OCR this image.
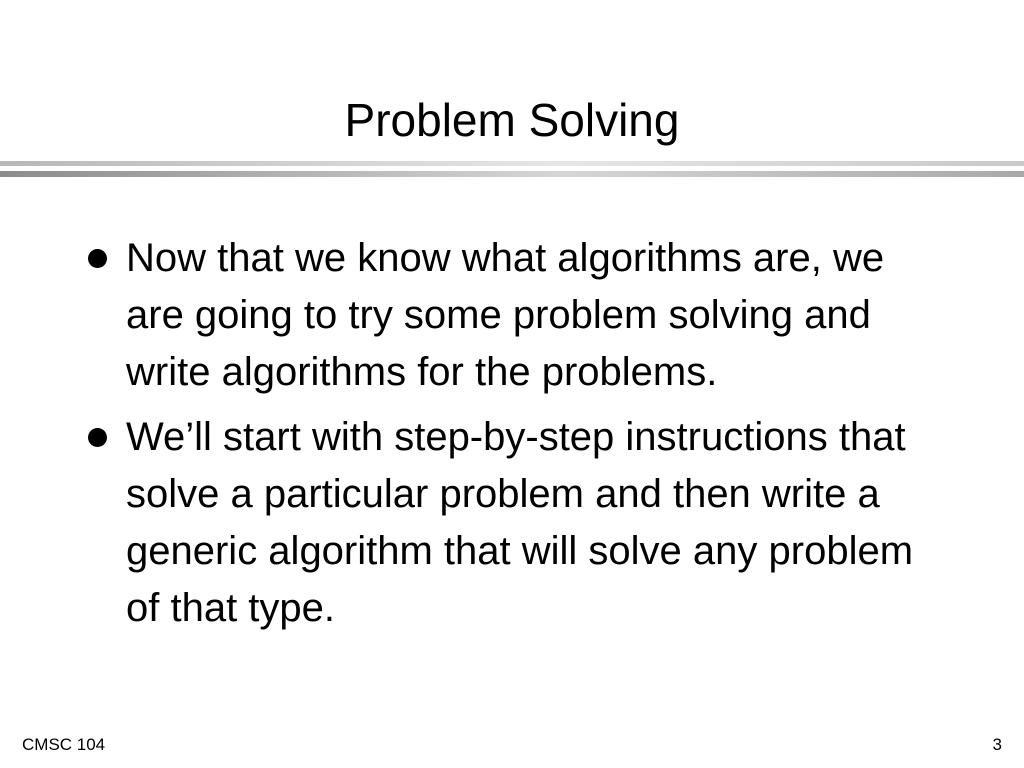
Problem Solving
Now that we know what algorithms are, we are going to try some problem solving and write algorithms for the problems.
We’ll start with step-by-step instructions that solve a particular problem and then write a generic algorithm that will solve any problem of that type.
CMSC 104	3
